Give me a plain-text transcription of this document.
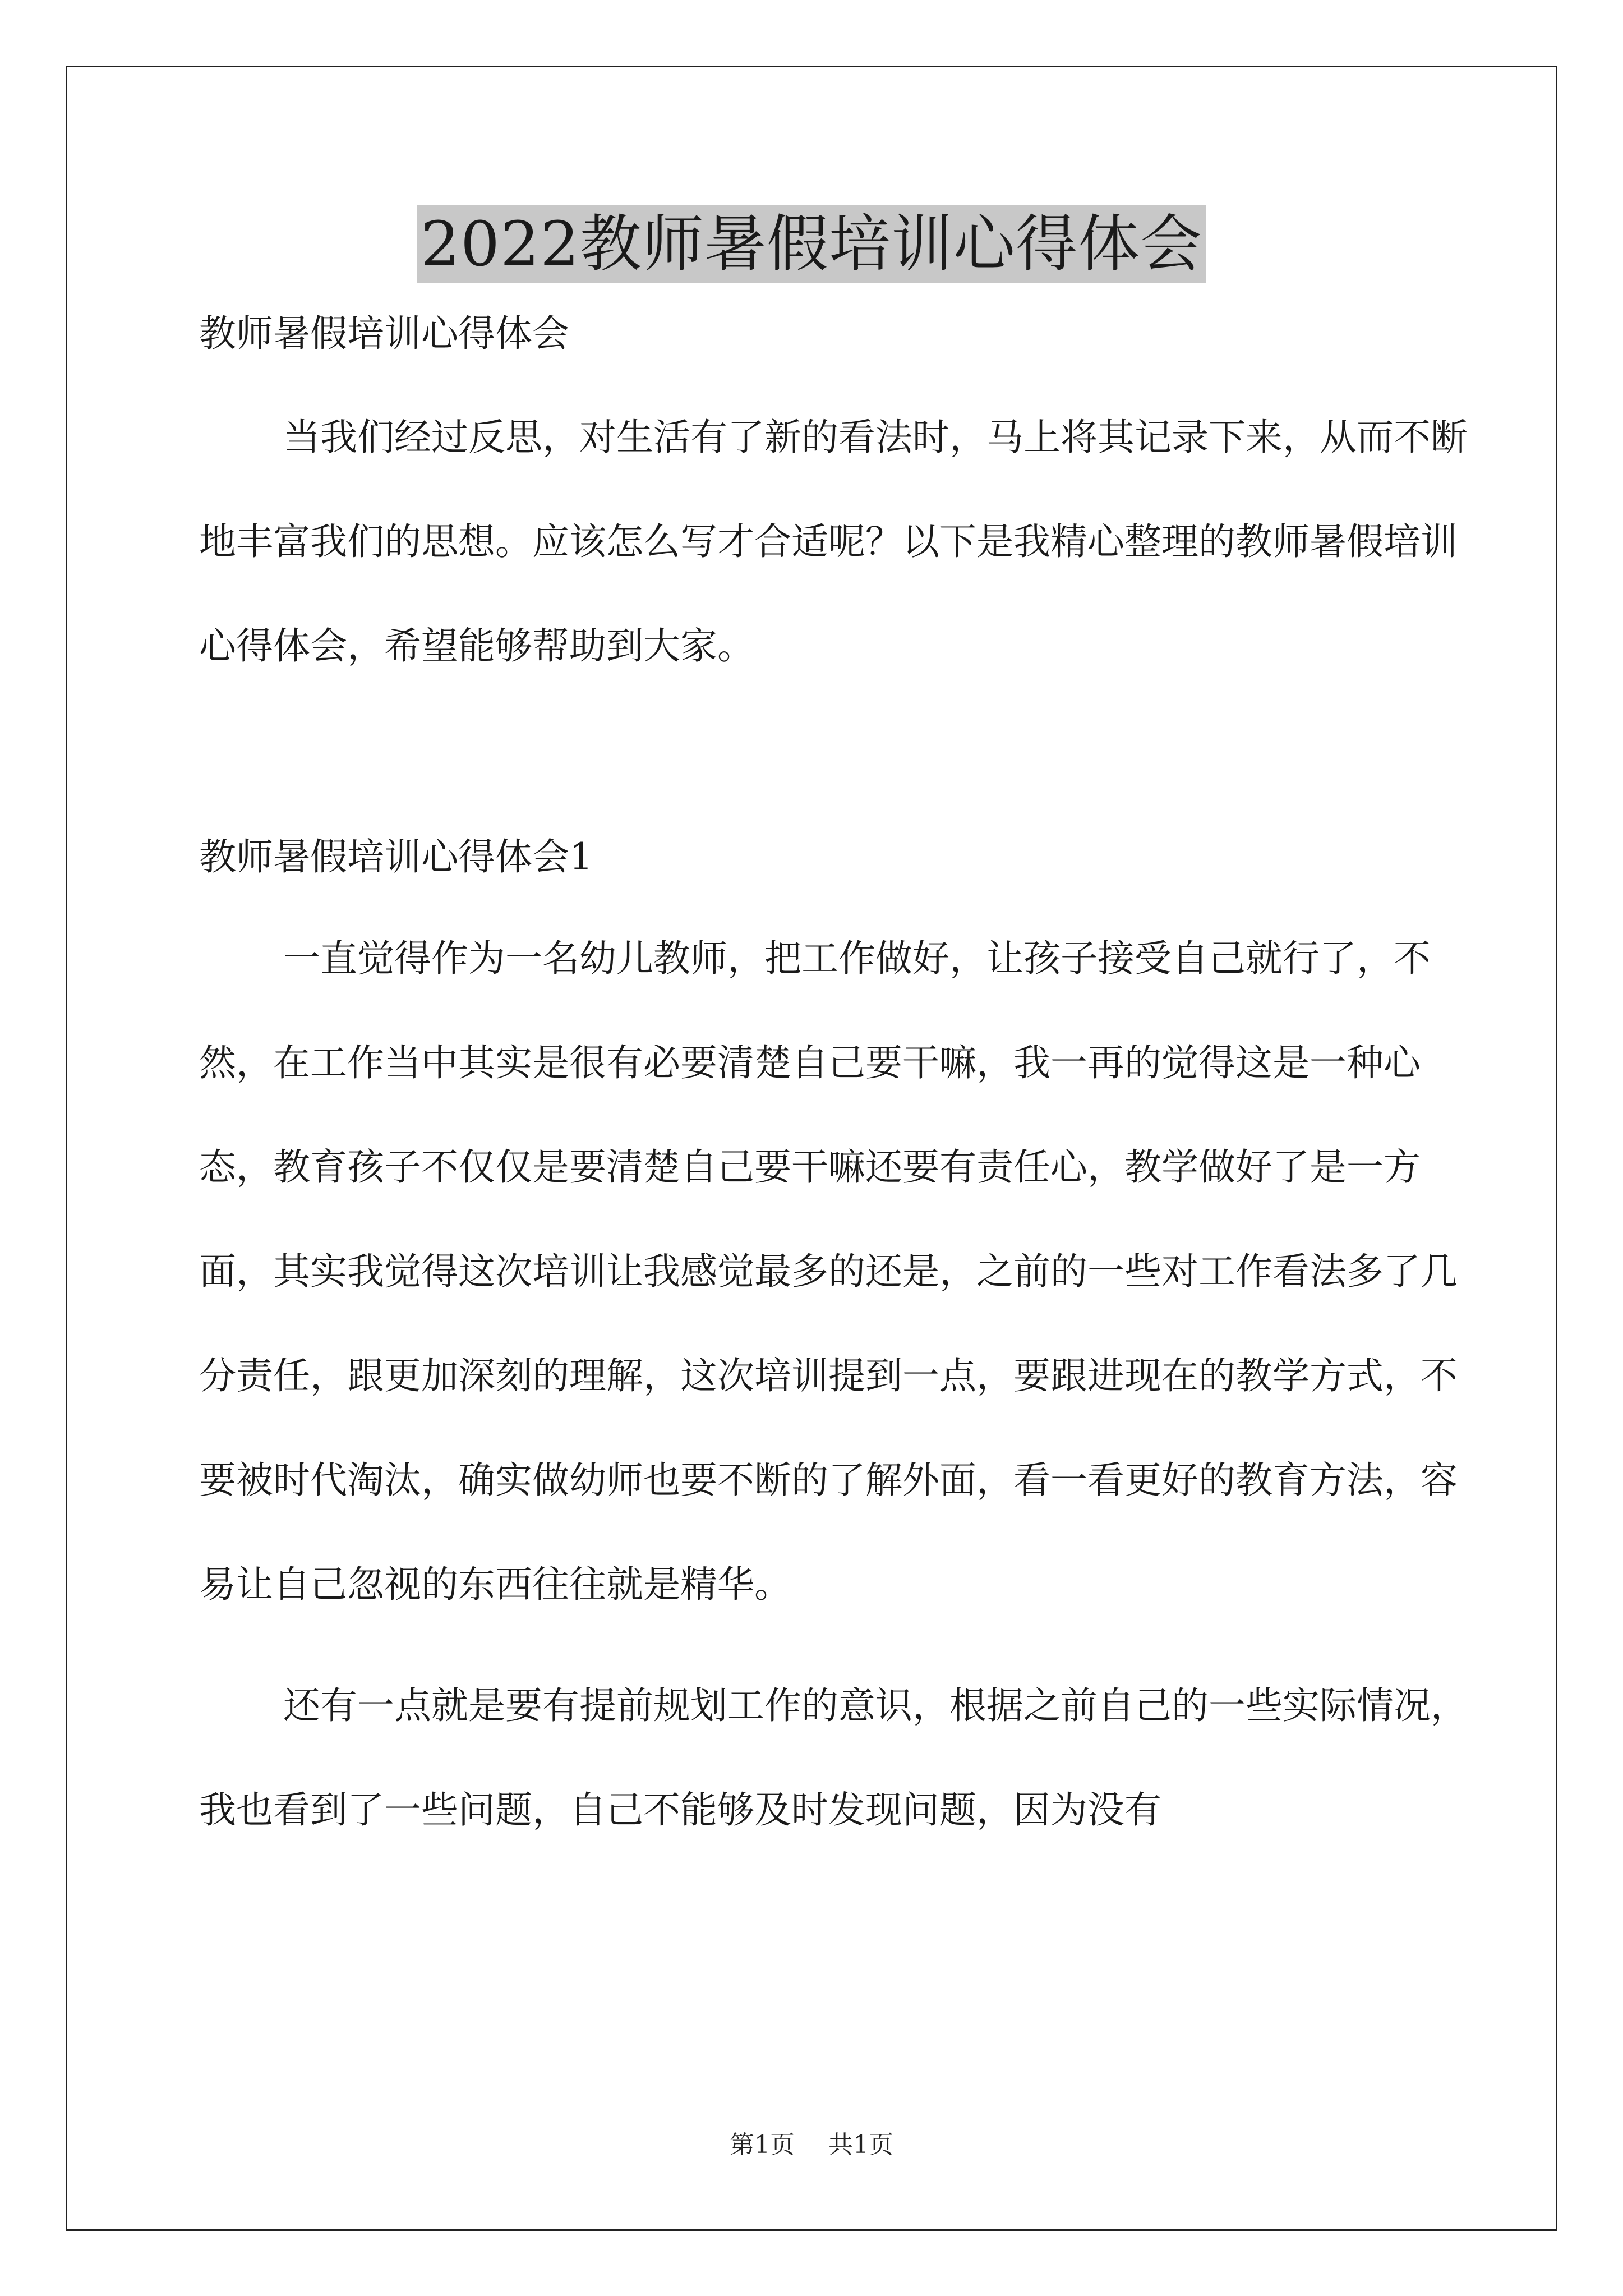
2022教师暑假培训心得体会

教师暑假培训心得体会

当我们经过反思，对生活有了新的看法时，马上将其记录下来，从而不断地丰富我们的思想。应该怎么写才合适呢？以下是我精心整理的教师暑假培训心得体会，希望能够帮助到大家。

教师暑假培训心得体会1

一直觉得作为一名幼儿教师，把工作做好，让孩子接受自己就行了，不然，在工作当中其实是很有必要清楚自己要干嘛，我一再的觉得这是一种心态，教育孩子不仅仅是要清楚自己要干嘛还要有责任心，教学做好了是一方面，其实我觉得这次培训让我感觉最多的还是，之前的一些对工作看法多了几分责任，跟更加深刻的理解，这次培训提到一点，要跟进现在的教学方式，不要被时代淘汰，确实做幼师也要不断的了解外面，看一看更好的教育方法，容易让自己忽视的东西往往就是精华。

还有一点就是要有提前规划工作的意识，根据之前自己的一些实际情况，我也看到了一些问题，自己不能够及时发现问题，因为没有

第1页 共1页
